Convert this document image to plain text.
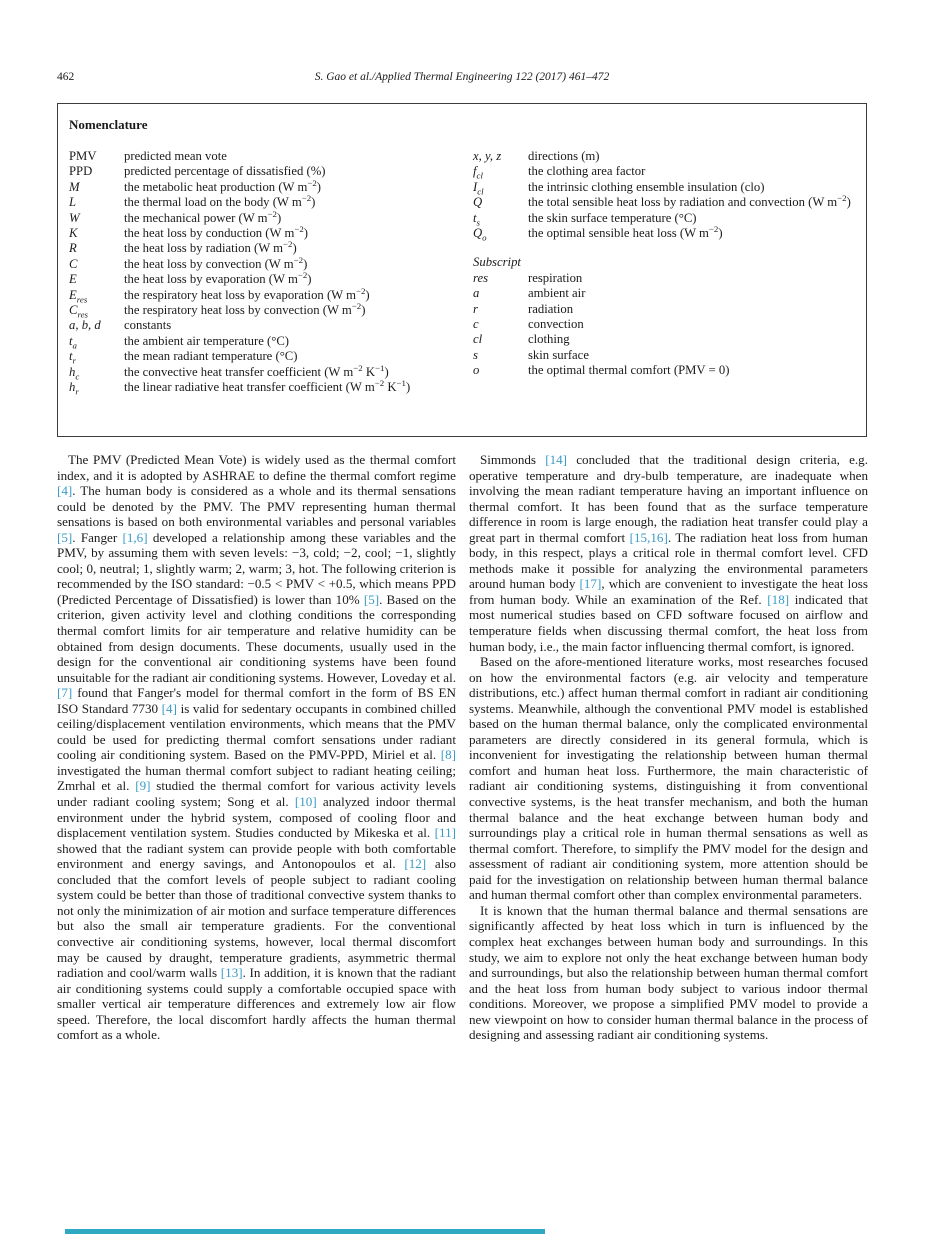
462	S. Gao et al./Applied Thermal Engineering 122 (2017) 461–472
Nomenclature
PMV	predicted mean vote
PPD	predicted percentage of dissatisfied (%)
M	the metabolic heat production (W $m^{-2}$)
L	the thermal load on the body (W $m^{-2}$)
W	the mechanical power (W $m^{-2}$)
K	the heat loss by conduction (W $m^{-2}$)
R	the heat loss by radiation (W $m^{-2}$)
C	the heat loss by convection (W $m^{-2}$)
E	the heat loss by evaporation (W $m^{-2}$)
$E_{res}$	the respiratory heat loss by evaporation (W $m^{-2}$)
$C_{res}$	the respiratory heat loss by convection (W $m^{-2}$)
a, b, d	constants
$t_a$	the ambient air temperature (°C)
$t_r$	the mean radiant temperature (°C)
$h_c$	the convective heat transfer coefficient (W $m^{-2}$ $K^{-1}$)
$h_r$	the linear radiative heat transfer coefficient (W $m^{-2}$ $K^{-1}$)
x, y, z	directions (m)
$f_{cl}$	the clothing area factor
$I_{cl}$	the intrinsic clothing ensemble insulation (clo)
Q	the total sensible heat loss by radiation and convection (W $m^{-2}$)
$t_s$	the skin surface temperature (°C)
$Q_o$	the optimal sensible heat loss (W $m^{-2}$)
Subscript
res	respiration
a	ambient air
r	radiation
c	convection
cl	clothing
s	skin surface
o	the optimal thermal comfort (PMV = 0)

The PMV (Predicted Mean Vote) is widely used as the thermal comfort index, and it is adopted by ASHRAE to define the thermal comfort regime [4]. The human body is considered as a whole and its thermal sensations could be denoted by the PMV. The PMV representing human thermal sensations is based on both environmental variables and personal variables [5]. Fanger [1,6] developed a relationship among these variables and the PMV, by assuming them with seven levels: −3, cold; −2, cool; −1, slightly cool; 0, neutral; 1, slightly warm; 2, warm; 3, hot. The following criterion is recommended by the ISO standard: −0.5 < PMV < +0.5, which means PPD (Predicted Percentage of Dissatisfied) is lower than 10% [5]. Based on the criterion, given activity level and clothing conditions the corresponding thermal comfort limits for air temperature and relative humidity can be obtained from design documents. These documents, usually used in the design for the conventional air conditioning systems have been found unsuitable for the radiant air conditioning systems. However, Loveday et al. [7] found that Fanger's model for thermal comfort in the form of BS EN ISO Standard 7730 [4] is valid for sedentary occupants in combined chilled ceiling/displacement ventilation environments, which means that the PMV could be used for predicting thermal comfort sensations under radiant cooling air conditioning system. Based on the PMV-PPD, Miriel et al. [8] investigated the human thermal comfort subject to radiant heating ceiling; Zmrhal et al. [9] studied the thermal comfort for various activity levels under radiant cooling system; Song et al. [10] analyzed indoor thermal environment under the hybrid system, composed of cooling floor and displacement ventilation system. Studies conducted by Mikeska et al. [11] showed that the radiant system can provide people with both comfortable environment and energy savings, and Antonopoulos et al. [12] also concluded that the comfort levels of people subject to radiant cooling system could be better than those of traditional convective system thanks to not only the minimization of air motion and surface temperature differences but also the small air temperature gradients. For the conventional convective air conditioning systems, however, local thermal discomfort may be caused by draught, temperature gradients, asymmetric thermal radiation and cool/warm walls [13]. In addition, it is known that the radiant air conditioning systems could supply a comfortable occupied space with smaller vertical air temperature differences and extremely low air flow speed. Therefore, the local discomfort hardly affects the human thermal comfort as a whole.

Simmonds [14] concluded that the traditional design criteria, e.g. operative temperature and dry-bulb temperature, are inadequate when involving the mean radiant temperature having an important influence on thermal comfort. It has been found that as the surface temperature difference in room is large enough, the radiation heat transfer could play a great part in thermal comfort [15,16]. The radiation heat loss from human body, in this respect, plays a critical role in thermal comfort level. CFD methods make it possible for analyzing the environmental parameters around human body [17], which are convenient to investigate the heat loss from human body. While an examination of the Ref. [18] indicated that most numerical studies based on CFD software focused on airflow and temperature fields when discussing thermal comfort, the heat loss from human body, i.e., the main factor influencing thermal comfort, is ignored.

Based on the afore-mentioned literature works, most researches focused on how the environmental factors (e.g. air velocity and temperature distributions, etc.) affect human thermal comfort in radiant air conditioning systems. Meanwhile, although the conventional PMV model is established based on the human thermal balance, only the complicated environmental parameters are directly considered in its general formula, which is inconvenient for investigating the relationship between human thermal comfort and human heat loss. Furthermore, the main characteristic of radiant air conditioning systems, distinguishing it from conventional convective systems, is the heat transfer mechanism, and both the human thermal balance and the heat exchange between human body and surroundings play a critical role in human thermal sensations as well as thermal comfort. Therefore, to simplify the PMV model for the design and assessment of radiant air conditioning system, more attention should be paid for the investigation on relationship between human thermal balance and human thermal comfort other than complex environmental parameters.

It is known that the human thermal balance and thermal sensations are significantly affected by heat loss which in turn is influenced by the complex heat exchanges between human body and surroundings. In this study, we aim to explore not only the heat exchange between human body and surroundings, but also the relationship between human thermal comfort and the heat loss from human body subject to various indoor thermal conditions. Moreover, we propose a simplified PMV model to provide a new viewpoint on how to consider human thermal balance in the process of designing and assessing radiant air conditioning systems.
